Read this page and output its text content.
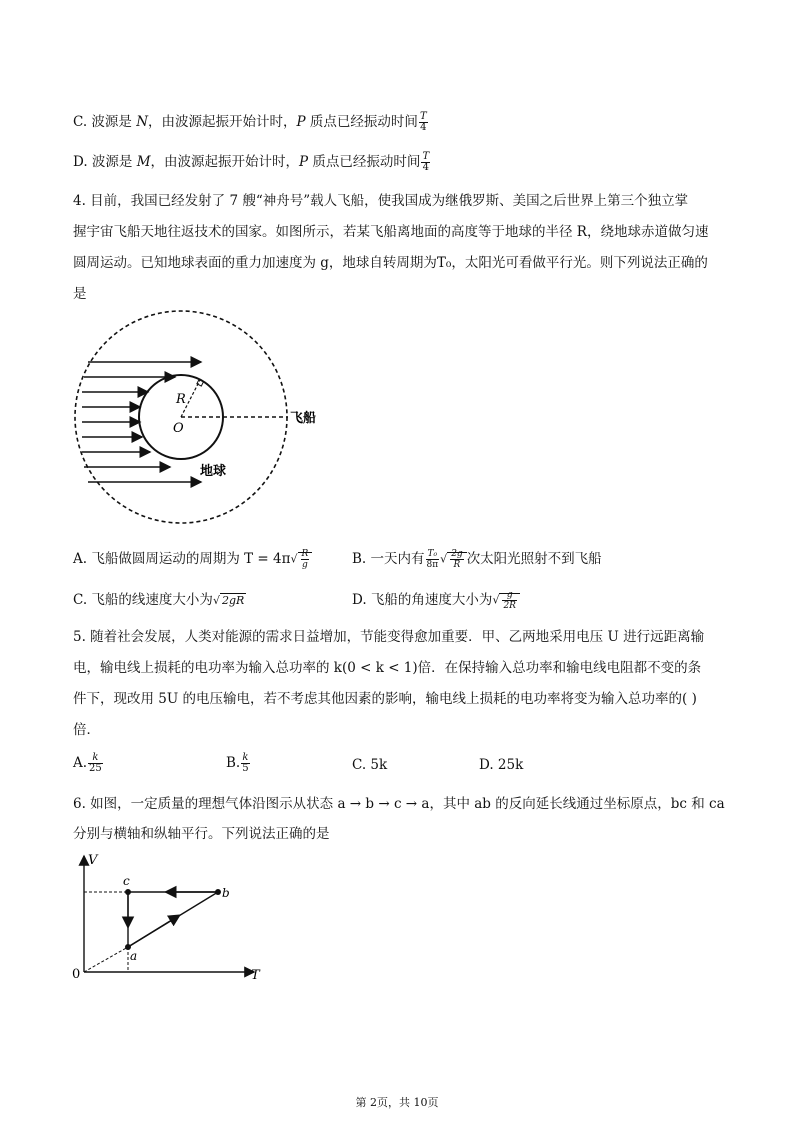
C. 波源是 N，由波源起振开始计时，P 质点已经振动时间 $\frac{T}{4}$
D. 波源是 M，由波源起振开始计时，P 质点已经振动时间 $\frac{T}{4}$
4. 目前，我国已经发射了 7 艘“神舟号”载人飞船，使我国成为继俄罗斯、美国之后世界上第三个独立掌
握宇宙飞船天地往返技术的国家。如图所示，若某飞船离地面的高度等于地球的半径 R，绕地球赤道做匀速
圆周运动。已知地球表面的重力加速度为 g，地球自转周期为T₀，太阳光可看做平行光。则下列说法正确的
是
R
O
飞船
地球
A. 飞船做圆周运动的周期为 $T = 4\pi√ \frac{R}{g}$	B. 一天内有 $\frac{\text{T₀}}{8\pi}$ √ $\frac{2g}{R}$ 次太阳光照射不到飞船
C. 飞船的线速度大小为√ 2gR	D. 飞船的角速度大小为√ $\frac{g}{2R}$
5. 随着社会发展，人类对能源的需求日益增加，节能变得愈加重要．甲、乙两地采用电压 U 进行远距离输
电，输电线上损耗的电功率为输入总功率的 k(0 < k < 1)倍．在保持输入总功率和输电线电阻都不变的条
件下，现改用 5U 的电压输电，若不考虑其他因素的影响，输电线上损耗的电功率将变为输入总功率的( )
倍．
A. $\frac{k}{25}$	B. $\frac{k}{5}$	C. 5k	D. 25k
6. 如图，一定质量的理想气体沿图示从状态 a → b → c → a，其中 ab 的反向延长线通过坐标原点，bc 和 ca
分别与横轴和纵轴平行。下列说法正确的是
V
T
0
a
b
c
第 2页，共 10页
